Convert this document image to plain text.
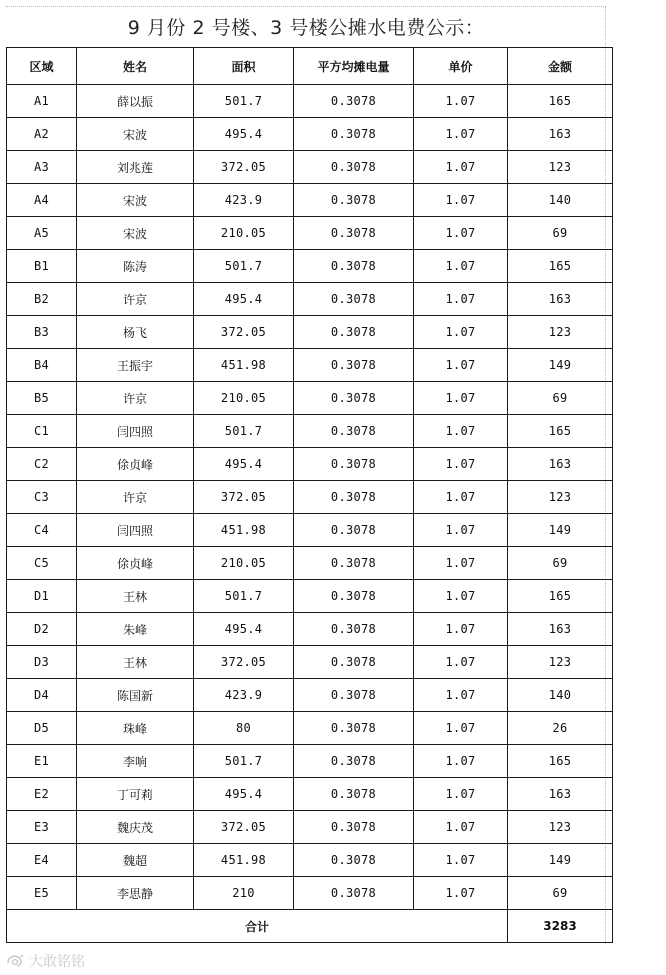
9 月份 2 号楼、3 号楼公摊水电费公示：
区域	姓名	面积	平方均摊电量	单价	金额
A1	薛以振	501.7	0.3078	1.07	165
A2	宋波	495.4	0.3078	1.07	163
A3	刘兆莲	372.05	0.3078	1.07	123
A4	宋波	423.9	0.3078	1.07	140
A5	宋波	210.05	0.3078	1.07	69
B1	陈涛	501.7	0.3078	1.07	165
B2	许京	495.4	0.3078	1.07	163
B3	杨飞	372.05	0.3078	1.07	123
B4	王振宇	451.98	0.3078	1.07	149
B5	许京	210.05	0.3078	1.07	69
C1	闫四照	501.7	0.3078	1.07	165
C2	俆贞峰	495.4	0.3078	1.07	163
C3	许京	372.05	0.3078	1.07	123
C4	闫四照	451.98	0.3078	1.07	149
C5	俆贞峰	210.05	0.3078	1.07	69
D1	王林	501.7	0.3078	1.07	165
D2	朱峰	495.4	0.3078	1.07	163
D3	王林	372.05	0.3078	1.07	123
D4	陈国新	423.9	0.3078	1.07	140
D5	珠峰	80	0.3078	1.07	26
E1	李响	501.7	0.3078	1.07	165
E2	丁可莉	495.4	0.3078	1.07	163
E3	魏庆茂	372.05	0.3078	1.07	123
E4	魏超	451.98	0.3078	1.07	149
E5	李思静	210	0.3078	1.07	69
合计					3283
大敢铭铭
